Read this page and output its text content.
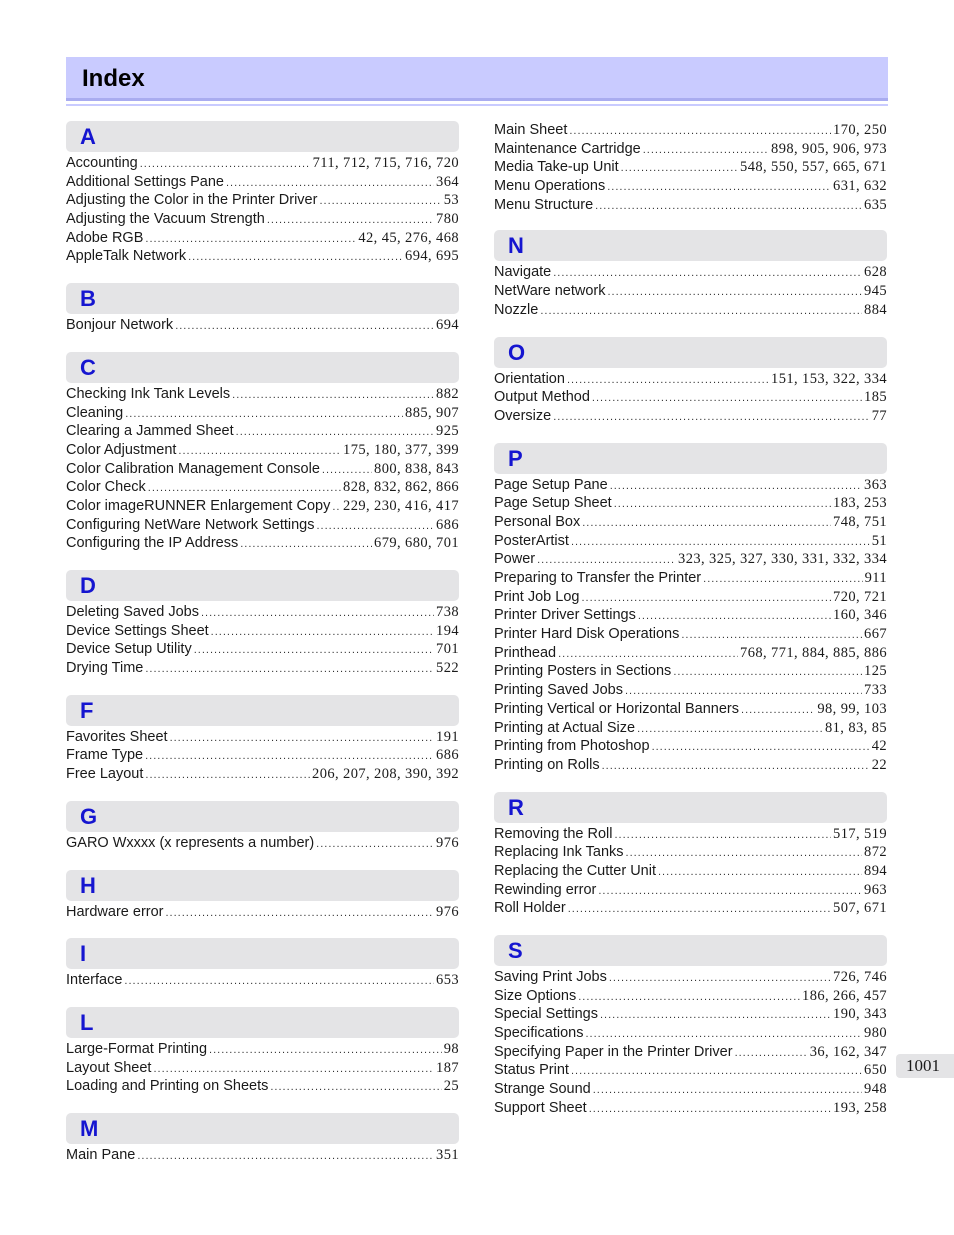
Index
A
Accounting .....	711, 712, 715, 716, 720
Additional Settings Pane .....	364
Adjusting the Color in the Printer Driver .....	53
Adjusting the Vacuum Strength .....	780
Adobe RGB .....	42, 45, 276, 468
AppleTalk Network .....	694, 695
B
Bonjour Network .....	694
C
Checking Ink Tank Levels .....	882
Cleaning .....	885, 907
Clearing a Jammed Sheet .....	925
Color Adjustment .....	175, 180, 377, 399
Color Calibration Management Console .....	800, 838, 843
Color Check .....	828, 832, 862, 866
Color imageRUNNER Enlargement Copy ..... 229, 230, 416, 417
Configuring NetWare Network Settings .....	686
Configuring the IP Address .....	679, 680, 701
D
Deleting Saved Jobs .....	738
Device Settings Sheet .....	194
Device Setup Utility .....	701
Drying Time .....	522
F
Favorites Sheet .....	191
Frame Type .....	686
Free Layout .....	206, 207, 208, 390, 392
G
GARO Wxxxx (x represents a number) .....	976
H
Hardware error .....	976
I
Interface .....	653
L
Large-Format Printing .....	98
Layout Sheet .....	187
Loading and Printing on Sheets .....	25
M
Main Pane .....	351
Main Sheet .....	170, 250
Maintenance Cartridge .....	898, 905, 906, 973
Media Take-up Unit .....	548, 550, 557, 665, 671
Menu Operations .....	631, 632
Menu Structure .....	635
N
Navigate .....	628
NetWare network .....	945
Nozzle .....	884
O
Orientation .....	151, 153, 322, 334
Output Method .....	185
Oversize .....	77
P
Page Setup Pane .....	363
Page Setup Sheet .....	183, 253
Personal Box .....	748, 751
PosterArtist .....	51
Power .....	323, 325, 327, 330, 331, 332, 334
Preparing to Transfer the Printer .....	911
Print Job Log .....	720, 721
Printer Driver Settings .....	160, 346
Printer Hard Disk Operations .....	667
Printhead .....	768, 771, 884, 885, 886
Printing Posters in Sections .....	125
Printing Saved Jobs .....	733
Printing Vertical or Horizontal Banners .....	98, 99, 103
Printing at Actual Size .....	81, 83, 85
Printing from Photoshop .....	42
Printing on Rolls .....	22
R
Removing the Roll .....	517, 519
Replacing Ink Tanks .....	872
Replacing the Cutter Unit .....	894
Rewinding error .....	963
Roll Holder .....	507, 671
S
Saving Print Jobs .....	726, 746
Size Options .....	186, 266, 457
Special Settings .....	190, 343
Specifications .....	980
Specifying Paper in the Printer Driver .....	36, 162, 347
Status Print .....	650
Strange Sound .....	948
Support Sheet .....	193, 258
1001
